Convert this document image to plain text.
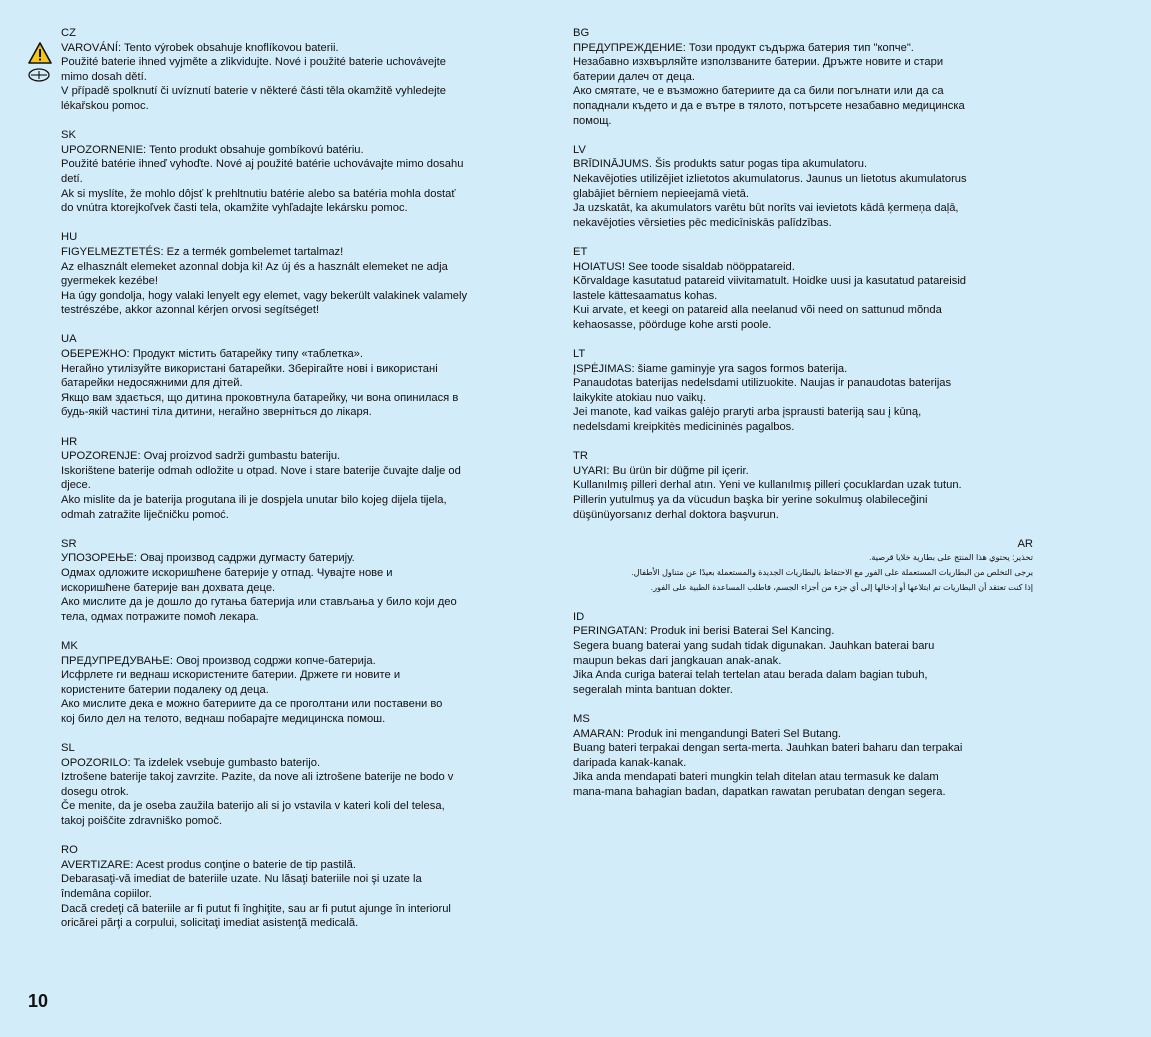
CZ
VAROVÁNÍ: Tento výrobek obsahuje knoflíkovou baterii.
Použité baterie ihned vyjměte a zlikvidujte. Nové i použité baterie uchovávejte
mimo dosah dětí.
V případě spolknutí či uvíznutí baterie v některé části těla okamžitě vyhledejte
lékařskou pomoc.
SK
UPOZORNENIE: Tento produkt obsahuje gombíkovú batériu.
Použité batérie ihneď vyhoďte. Nové aj použité batérie uchovávajte mimo dosahu
detí.
Ak si myslíte, že mohlo dôjsť k prehltnutiu batérie alebo sa batéria mohla dostať
do vnútra ktorejkoľvek časti tela, okamžite vyhľadajte lekársku pomoc.
HU
FIGYELMEZTETÉS: Ez a termék gombelemet tartalmaz!
Az elhasznált elemeket azonnal dobja ki! Az új és a használt elemeket ne adja
gyermekek kezébe!
Ha úgy gondolja, hogy valaki lenyelt egy elemet, vagy bekerült valakinek valamely
testrészébe, akkor azonnal kérjen orvosi segítséget!
UA
ОБЕРЕЖНО: Продукт містить батарейку типу «таблетка».
Негайно утилізуйте використані батарейки. Зберігайте нові і використані
батарейки недосяжними для дітей.
Якщо вам здається, що дитина проковтнула батарейку, чи вона опинилася в
будь-якій частині тіла дитини, негайно зверніться до лікаря.
HR
UPOZORENJE: Ovaj proizvod sadrži gumbastu bateriju.
Iskorištene baterije odmah odložite u otpad. Nove i stare baterije čuvajte dalje od
djece.
Ako mislite da je baterija progutana ili je dospjela unutar bilo kojeg dijela tijela,
odmah zatražite liječničku pomoć.
SR
УПОЗОРЕЊЕ: Овај производ садржи дугмасту батерију.
Одмах одложите искоришћене батерије у отпад. Чувајте нове и
искоришћене батерије ван дохвата деце.
Ако мислите да је дошло до гутања батерија или стављања у било који део
тела, одмах потражите помоћ лекара.
MK
ПРЕДУПРЕДУВАЊЕ: Овој производ содржи копче-батерија.
Исфрлете ги веднаш искористените батерии. Држете ги новите и
користените батерии подалеку од деца.
Ако мислите дека е можно батериите да се проголтани или поставени во
кој било дел на телото, веднаш побарајте медицинска помош.
SL
OPOZORILO: Ta izdelek vsebuje gumbasto baterijo.
Iztrošene baterije takoj zavrzite. Pazite, da nove ali iztrošene baterije ne bodo v
dosegu otrok.
Če menite, da je oseba zaužila baterijo ali si jo vstavila v kateri koli del telesa,
takoj poiščite zdravniško pomoč.
RO
AVERTIZARE: Acest produs conţine o baterie de tip pastilă.
Debarasaţi-vă imediat de bateriile uzate. Nu lăsaţi bateriile noi şi uzate la
îndemâna copiilor.
Dacă credeţi că bateriile ar fi putut fi înghiţite, sau ar fi putut ajunge în interiorul
oricărei părţi a corpului, solicitaţi imediat asistenţă medicală.
BG
ПРЕДУПРЕЖДЕНИЕ: Този продукт съдържа батерия тип "копче".
Незабавно изхвърляйте използваните батерии. Дръжте новите и стари
батерии далеч от деца.
Ако смятате, че е възможно батериите да са били погълнати или да са
попаднали където и да е вътре в тялото, потърсете незабавно медицинска
помощ.
LV
BRĪDINĀJUMS. Šis produkts satur pogas tipa akumulatoru.
Nekavējoties utilizējiet izlietotos akumulatorus. Jaunus un lietotus akumulatorus
glabājiet bērniem nepieejamā vietā.
Ja uzskatāt, ka akumulators varētu būt norīts vai ievietots kādā ķermeņa daļā,
nekavējoties vērsieties pēc medicīniskās palīdzības.
ET
HOIATUS! See toode sisaldab nööppatareid.
Kõrvaldage kasutatud patareid viivitamatult. Hoidke uusi ja kasutatud patareisid
lastele kättesaamatus kohas.
Kui arvate, et keegi on patareid alla neelanud või need on sattunud mõnda
kehaosasse, pöörduge kohe arsti poole.
LT
ĮSPĖJIMAS: šiame gaminyje yra sagos formos baterija.
Panaudotas baterijas nedelsdami utilizuokite. Naujas ir panaudotas baterijas
laikykite atokiau nuo vaikų.
Jei manote, kad vaikas galėjo praryti arba įsprausti bateriją sau į kūną,
nedelsdami kreipkitės medicininės pagalbos.
TR
UYARI: Bu ürün bir düğme pil içerir.
Kullanılmış pilleri derhal atın. Yeni ve kullanılmış pilleri çocuklardan uzak tutun.
Pillerin yutulmuş ya da vücudun başka bir yerine sokulmuş olabileceğini
düşünüyorsanız derhal doktora başvurun.
AR
تحذير: يحتوي هذا المنتج على بطارية خلايا قرصية.
يرجى التخلص من البطاريات المستعملة على الفور مع الاحتفاظ بالبطاريات الجديدة والمستعملة بعيدًا عن متناول الأطفال.
إذا كنت تعتقد أن البطاريات تم ابتلاعها أو إدخالها إلى أي جزء من أجزاء الجسم، فاطلب المساعدة الطبية على الفور.
ID
PERINGATAN: Produk ini berisi Baterai Sel Kancing.
Segera buang baterai yang sudah tidak digunakan. Jauhkan baterai baru
maupun bekas dari jangkauan anak-anak.
Jika Anda curiga baterai telah tertelan atau berada dalam bagian tubuh,
segeralah minta bantuan dokter.
MS
AMARAN: Produk ini mengandungi Bateri Sel Butang.
Buang bateri terpakai dengan serta-merta. Jauhkan bateri baharu dan terpakai
daripada kanak-kanak.
Jika anda mendapati bateri mungkin telah ditelan atau termasuk ke dalam
mana-mana bahagian badan, dapatkan rawatan perubatan dengan segera.
10
